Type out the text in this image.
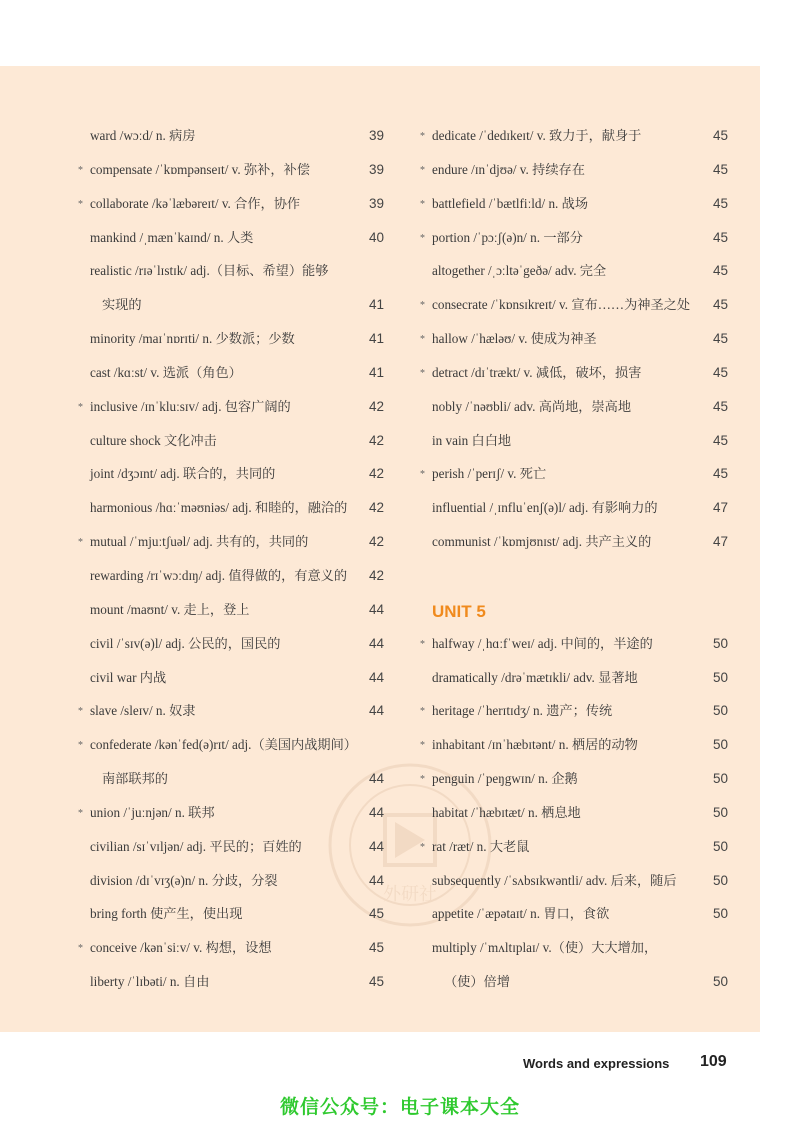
外研社
ward /wɔːd/ n. 病房	39
* compensate /ˈkɒmpənseɪt/ v. 弥补，补偿	39
* collaborate /kəˈlæbəreɪt/ v. 合作，协作	39
mankind /ˌmænˈkaɪnd/ n. 人类	40
realistic /rɪəˈlɪstɪk/ adj.（目标、希望）能够
实现的	41
minority /maɪˈnɒrɪti/ n. 少数派；少数	41
cast /kɑːst/ v. 选派（角色）	41
* inclusive /ɪnˈkluːsɪv/ adj. 包容广阔的	42
culture shock 文化冲击	42
joint /dʒɔɪnt/ adj. 联合的，共同的	42
harmonious /hɑːˈməʊniəs/ adj. 和睦的，融洽的 42
* mutual /ˈmjuːtʃuəl/ adj. 共有的，共同的	42
rewarding /rɪˈwɔːdɪŋ/ adj. 值得做的，有意义的 42
mount /maʊnt/ v. 走上，登上	44
civil /ˈsɪv(ə)l/ adj. 公民的，国民的	44
civil war 内战	44
* slave /sleɪv/ n. 奴隶	44
* confederate /kənˈfed(ə)rɪt/ adj.（美国内战期间）
南部联邦的	44
* union /ˈjuːnjən/ n. 联邦	44
civilian /sɪˈvɪljən/ adj. 平民的；百姓的	44
division /dɪˈvɪʒ(ə)n/ n. 分歧，分裂	44
bring forth 使产生，使出现	45
* conceive /kənˈsiːv/ v. 构想，设想	45
liberty /ˈlɪbəti/ n. 自由	45
* dedicate /ˈdedɪkeɪt/ v. 致力于，献身于	45
* endure /ɪnˈdjʊə/ v. 持续存在	45
* battlefield /ˈbætlfiːld/ n. 战场	45
* portion /ˈpɔːʃ(ə)n/ n. 一部分	45
altogether /ˌɔːltəˈgeðə/ adv. 完全	45
* consecrate /ˈkɒnsɪkreɪt/ v. 宣布……为神圣之处 45
* hallow /ˈhæləʊ/ v. 使成为神圣	45
* detract /dɪˈtrækt/ v. 减低，破坏，损害	45
nobly /ˈnəʊbli/ adv. 高尚地，崇高地	45
in vain 白白地	45
* perish /ˈperɪʃ/ v. 死亡	45
influential /ˌɪnfluˈenʃ(ə)l/ adj. 有影响力的	47
communist /ˈkɒmjʊnɪst/ adj. 共产主义的	47
UNIT 5
* halfway /ˌhɑːfˈweɪ/ adj. 中间的，半途的	50
dramatically /drəˈmætɪkli/ adv. 显著地	50
* heritage /ˈherɪtɪdʒ/ n. 遗产；传统	50
* inhabitant /ɪnˈhæbɪtənt/ n. 栖居的动物	50
* penguin /ˈpeŋgwɪn/ n. 企鹅	50
habitat /ˈhæbɪtæt/ n. 栖息地	50
* rat /ræt/ n. 大老鼠	50
subsequently /ˈsʌbsɪkwəntli/ adv. 后来，随后	50
appetite /ˈæpətaɪt/ n. 胃口，食欲	50
multiply /ˈmʌltɪplaɪ/ v.（使）大大增加，
（使）倍增	50
Words and expressions 109
微信公众号：电子课本大全
